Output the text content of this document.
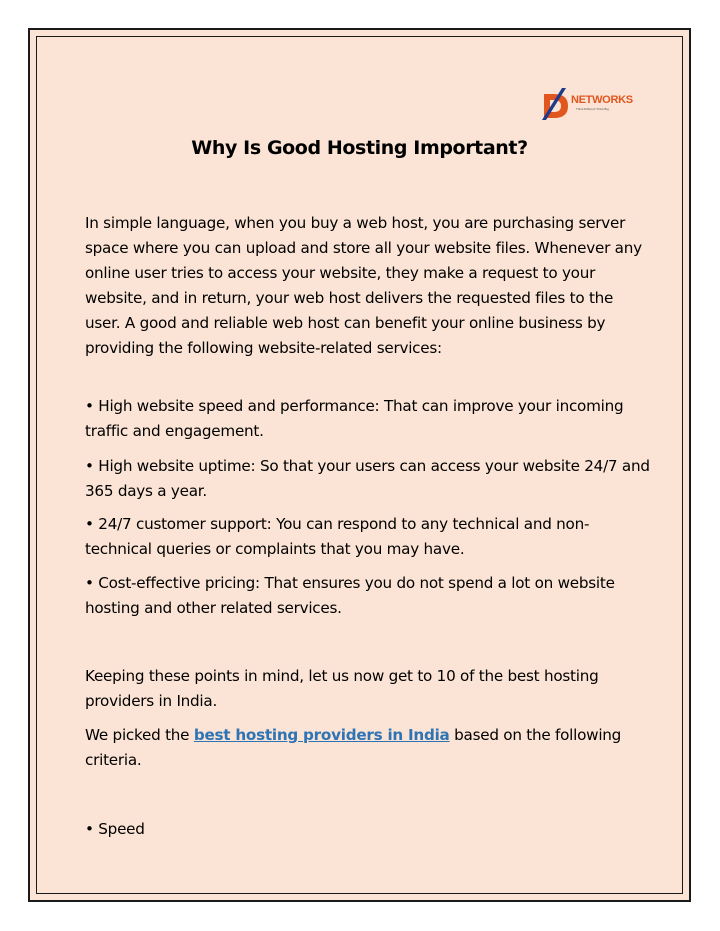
NETWORKS
Think Different Think Big
Why Is Good Hosting Important?

In simple language, when you buy a web host, you are purchasing server space where you can upload and store all your website files. Whenever any online user tries to access your website, they make a request to your website, and in return, your web host delivers the requested files to the user. A good and reliable web host can benefit your online business by providing the following website-related services:

• High website speed and performance: That can improve your incoming traffic and engagement.

• High website uptime: So that your users can access your website 24/7 and 365 days a year.

• 24/7 customer support: You can respond to any technical and non-technical queries or complaints that you may have.

• Cost-effective pricing: That ensures you do not spend a lot on website hosting and other related services.

Keeping these points in mind, let us now get to 10 of the best hosting providers in India.

We picked the best hosting providers in India based on the following criteria.

• Speed
